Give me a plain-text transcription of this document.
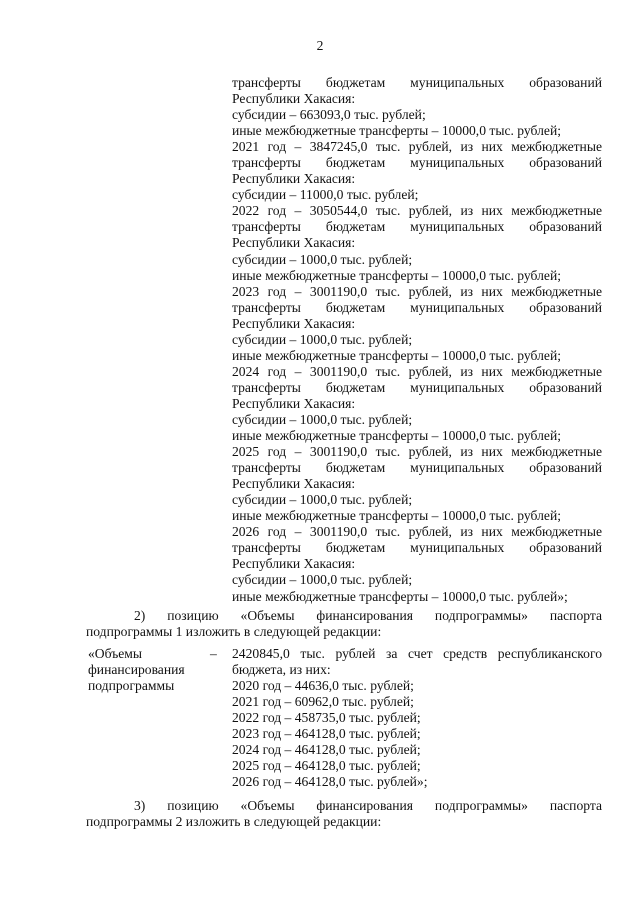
2
трансферты бюджетам муниципальных образований
Республики Хакасия:
субсидии – 663093,0 тыс. рублей;
иные межбюджетные трансферты – 10000,0 тыс. рублей;
2021 год – 3847245,0 тыс. рублей, из них межбюджетные
трансферты бюджетам муниципальных образований
Республики Хакасия:
субсидии – 11000,0 тыс. рублей;
2022 год – 3050544,0 тыс. рублей, из них межбюджетные
трансферты бюджетам муниципальных образований
Республики Хакасия:
субсидии – 1000,0 тыс. рублей;
иные межбюджетные трансферты – 10000,0 тыс. рублей;
2023 год – 3001190,0 тыс. рублей, из них межбюджетные
трансферты бюджетам муниципальных образований
Республики Хакасия:
субсидии – 1000,0 тыс. рублей;
иные межбюджетные трансферты – 10000,0 тыс. рублей;
2024 год – 3001190,0 тыс. рублей, из них межбюджетные
трансферты бюджетам муниципальных образований
Республики Хакасия:
субсидии – 1000,0 тыс. рублей;
иные межбюджетные трансферты – 10000,0 тыс. рублей;
2025 год – 3001190,0 тыс. рублей, из них межбюджетные
трансферты бюджетам муниципальных образований
Республики Хакасия:
субсидии – 1000,0 тыс. рублей;
иные межбюджетные трансферты – 10000,0 тыс. рублей;
2026 год – 3001190,0 тыс. рублей, из них межбюджетные
трансферты бюджетам муниципальных образований
Республики Хакасия:
субсидии – 1000,0 тыс. рублей;
иные межбюджетные трансферты – 10000,0 тыс. рублей»;
2) позицию «Объемы финансирования подпрограммы» паспорта
подпрограммы 1 изложить в следующей редакции:
«Объемы
финансирования
подпрограммы
– 2420845,0 тыс. рублей за счет средств республиканского
бюджета, из них:
2020 год – 44636,0 тыс. рублей;
2021 год – 60962,0 тыс. рублей;
2022 год – 458735,0 тыс. рублей;
2023 год – 464128,0 тыс. рублей;
2024 год – 464128,0 тыс. рублей;
2025 год – 464128,0 тыс. рублей;
2026 год – 464128,0 тыс. рублей»;
3) позицию «Объемы финансирования подпрограммы» паспорта
подпрограммы 2 изложить в следующей редакции:
